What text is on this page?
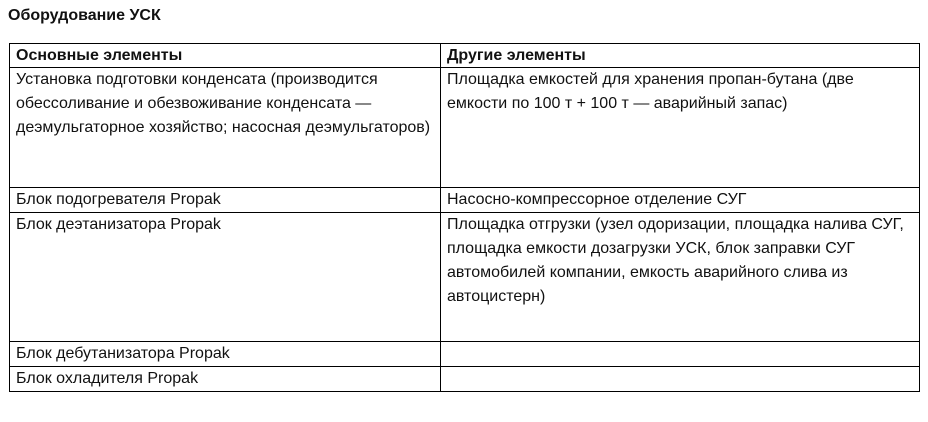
Оборудование УСК
Основные элементы	Другие элементы
Установка подготовки конденсата (производится обессоливание и обезвоживание конденсата — деэмульгаторное хозяйство; насосная деэмульгаторов)	Площадка емкостей для хранения пропан-бутана (две емкости по 100 т + 100 т — аварийный запас)
Блок подогревателя Propak	Насосно-компрессорное отделение СУГ
Блок деэтанизатора Propak	Площадка отгрузки (узел одоризации, площадка налива СУГ, площадка емкости дозагрузки УСК, блок заправки СУГ автомобилей компании, емкость аварийного слива из автоцистерн)
Блок дебутанизатора Propak	
Блок охладителя Propak	
